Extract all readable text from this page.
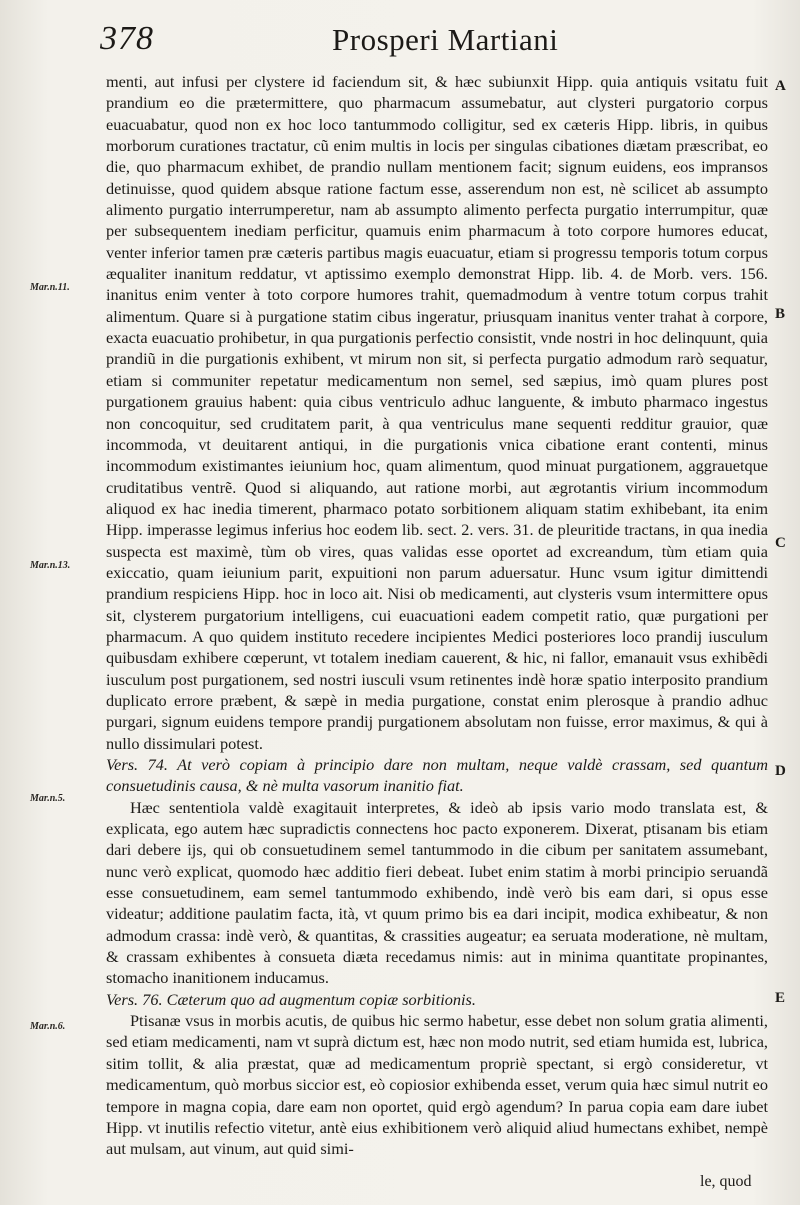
378	Prosperi Martiani

menti, aut infusi per clystere id faciendum sit, & hæc subiunxit Hipp. quia antiquis vsitatu fuit prandium eo die prætermittere, quo pharmacum assumebatur, aut clysteri purgatorio corpus euacuabatur, quod non ex hoc loco tantummodo colligitur, sed ex cæteris Hipp. libris, in quibus morborum curationes tractatur, cũ enim multis in locis per singulas cibationes diætam præscribat, eo die, quo pharmacum exhibet, de prandio nullam mentionem facit; signum euidens, eos impransos detinuisse, quod quidem absque ratione factum esse, asserendum non est, nè scilicet ab assumpto alimento purgatio interrumperetur, nam ab assumpto alimento perfecta purgatio interrumpitur, quæ per subsequentem inediam perficitur, quamuis enim pharmacum à toto corpore humores educat, venter inferior tamen præ cæteris partibus magis euacuatur, etiam si progressu temporis totum corpus æqualiter inanitum reddatur, vt aptissimo exemplo demonstrat Hipp. lib. 4. de Morb. vers. 156. inanitus enim venter à toto corpore humores trahit, quemadmodum à ventre totum corpus trahit alimentum. Quare si à purgatione statim cibus ingeratur, priusquam inanitus venter trahat à corpore, exacta euacuatio prohibetur, in qua purgationis perfectio consistit, vnde nostri in hoc delinquunt, quia prandiũ in die purgationis exhibent, vt mirum non sit, si perfecta purgatio admodum rarò sequatur, etiam si communiter repetatur medicamentum non semel, sed sæpius, imò quam plures post purgationem grauius habent: quia cibus ventriculo adhuc languente, & imbuto pharmaco ingestus non concoquitur, sed cruditatem parit, à qua ventriculus mane sequenti redditur grauior, quæ incommoda, vt deuitarent antiqui, in die purgationis vnica cibatione erant contenti, minus incommodum existimantes ieiunium hoc, quam alimentum, quod minuat purgationem, aggrauetque cruditatibus ventrẽ. Quod si aliquando, aut ratione morbi, aut ægrotantis virium incommodum aliquod ex hac inedia timerent, pharmaco potato sorbitionem aliquam statim exhibebant, ita enim Hipp. imperasse legimus inferius hoc eodem lib. sect. 2. vers. 31. de pleuritide tractans, in qua inedia suspecta est maximè, tùm ob vires, quas validas esse oportet ad excreandum, tùm etiam quia exiccatio, quam ieiunium parit, expuitioni non parum aduersatur. Hunc vsum igitur dimittendi prandium respiciens Hipp. hoc in loco ait. Nisi ob medicamenti, aut clysteris vsum intermittere opus sit, clysterem purgatorium intelligens, cui euacuationi eadem competit ratio, quæ purgationi per pharmacum. A quo quidem instituto recedere incipientes Medici posteriores loco prandij iusculum quibusdam exhibere cœperunt, vt totalem inediam cauerent, & hic, ni fallor, emanauit vsus exhibẽdi iusculum post purgationem, sed nostri iusculi vsum retinentes indè horæ spatio interposito prandium duplicato errore præbent, & sæpè in media purgatione, constat enim plerosque à prandio adhuc purgari, signum euidens tempore prandij purgationem absolutam non fuisse, error maximus, & qui à nullo dissimulari potest.

Vers. 74. At verò copiam à principio dare non multam, neque valdè crassam, sed quantum consuetudinis causa, & nè multa vasorum inanitio fiat.

Hæc sententiola valdè exagitauit interpretes, & ideò ab ipsis vario modo translata est, & explicata, ego autem hæc supradictis connectens hoc pacto exponerem. Dixerat, ptisanam bis etiam dari debere ijs, qui ob consuetudinem semel tantummodo in die cibum per sanitatem assumebant, nunc verò explicat, quomodo hæc additio fieri debeat. Iubet enim statim à morbi principio seruandã esse consuetudinem, eam semel tantummodo exhibendo, indè verò bis eam dari, si opus esse videatur; additione paulatim facta, ità, vt quum primo bis ea dari incipit, modica exhibeatur, & non admodum crassa: indè verò, & quantitas, & crassities augeatur; ea seruata moderatione, nè multam, & crassam exhibentes à consueta diæta recedamus nimis: aut in minima quantitate propinantes, stomacho inanitionem inducamus.

Vers. 76. Cæterum quo ad augmentum copiæ sorbitionis.

Ptisanæ vsus in morbis acutis, de quibus hic sermo habetur, esse debet non solum gratia alimenti, sed etiam medicamenti, nam vt suprà dictum est, hæc non modo nutrit, sed etiam humida est, lubrica, sitim tollit, & alia præstat, quæ ad medicamentum propriè spectant, si ergò consideretur, vt medicamentum, quò morbus siccior est, eò copiosior exhibenda esset, verum quia hæc simul nutrit eo tempore in magna copia, dare eam non oportet, quid ergò agendum? In parua copia eam dare iubet Hipp. vt inutilis refectio vitetur, antè eius exhibitionem verò aliquid aliud humectans exhibet, nempè aut mulsam, aut vinum, aut quid simi-

Mar.n.11.
Mar.n.13.
Mar.n.5.
Mar.n.6.
A
B
C
D
E
le, quod
